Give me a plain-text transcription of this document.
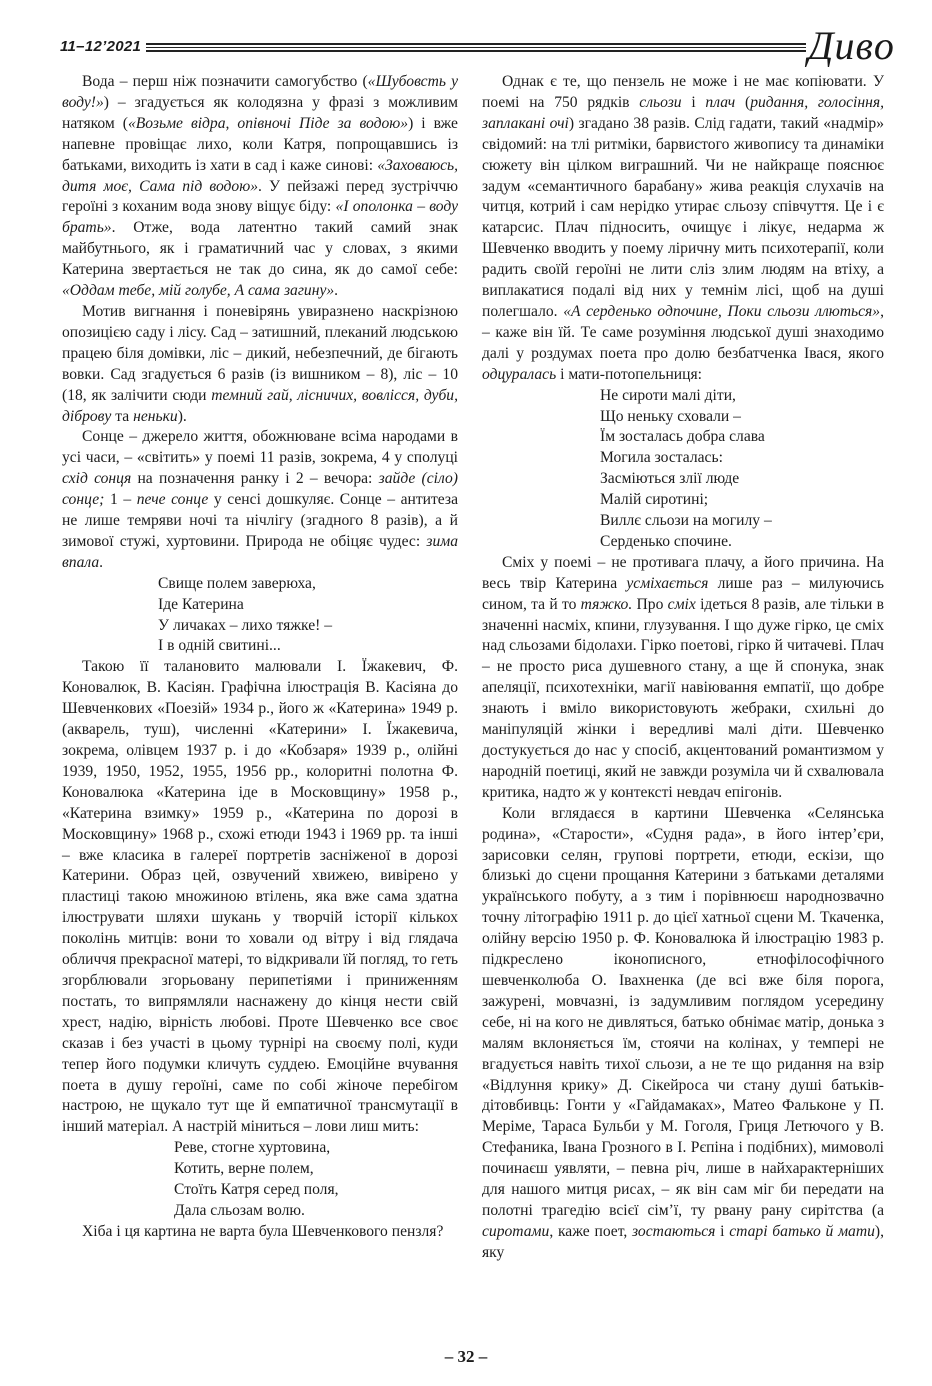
11–12’2021	Дивo

Вода – перш ніж позначити самогубство («Шубовсть у воду!») – згадується як колодязна у фразі з можливим натяком («Возьме відра, опівночі Піде за водою») і вже напевне провіщає лихо, коли Катря, попрощавшись із батьками, виходить із хати в сад і каже синові: «Заховаюсь, дитя моє, Сама під водою». У пейзажі перед зустріччю героїні з коханим вода знову віщує біду: «І ополонка – воду брать». Отже, вода латентно такий самий знак майбутнього, як і граматичний час у словах, з якими Катерина звертається не так до сина, як до самої себе: «Оддам тебе, мій голубе, А сама загину».

Мотив вигнання і поневірянь увиразнено наскрізною опозицією саду і лісу. Сад – затишний, плеканий людською працею біля домівки, ліс – дикий, небезпечний, де бігають вовки. Сад згадується 6 разів (із вишником – 8), ліс – 10 (18, як залічити сюди темний гай, лісничих, вовлісся, дуби, діброву та неньки).

Сонце – джерело життя, обожнюване всіма народами в усі часи, – «світить» у поемі 11 разів, зокрема, 4 у сполуці схід сонця на позначення ранку і 2 – вечора: зайде (сіло) сонце; 1 – пече сонце у сенсі дошкуляє. Сонце – антитеза не лише темряви ночі та нічлігу (згадного 8 разів), а й зимової стужі, хуртовини. Природа не обіцяє чудес: зима впала.

Свище полем заверюха,
Іде Катерина
У личаках – лихо тяжке! –
І в одній свитині...

Такою її талановито малювали І. Їжакевич, Ф. Коновалюк, В. Касіян. Графічна ілюстрація В. Касіяна до Шевченкових «Поезій» 1934 р., його ж «Катерина» 1949 р. (акварель, туш), численні «Катерини» І. Їжакевича, зокрема, олівцем 1937 р. і до «Кобзаря» 1939 р., олійні 1939, 1950, 1952, 1955, 1956 рр., колоритні полотна Ф. Коновалюка «Катерина іде в Московщину» 1958 р., «Катерина взимку» 1959 р., «Катерина по дорозі в Московщину» 1968 р., схожі етюди 1943 і 1969 рр. та інші – вже класика в галереї портретів засніженої в дорозі Катерини. Образ цей, озвучений хвижею, вивірено у пластиці такою множиною втілень, яка вже сама здатна ілюструвати шляхи шукань у творчій історії кількох поколінь митців: вони то ховали од вітру і від глядача обличчя прекрасної матері, то відкривали їй погляд, то геть згорблювали згорьованy перипетіями і приниженням постать, то випрямляли наснажену до кінця нести свій хрест, надію, вірність любові. Проте Шевченко все своє сказав і без участі в цьому турнірі на своєму полі, куди тепер його подумки кличуть суддею. Емоційне вчування поета в душу героїні, саме по собі жіноче перебігом настрою, не щукало тут ще й емпатичної трансмутації в інший матеріал. А настрій міниться – лови лиш мить:

Реве, стогне хуртовина,
Котить, верне полем,
Стоїть Катря серед поля,
Дала сльозам волю.

Хіба і ця картина не варта була Шевченкового пензля?

Однак є те, що пензель не може і не має копіювати. У поемі на 750 рядків сльози і плач (ридання, голосіння, заплакані очі) згадано 38 разів. Слід гадати, такий «надмір» свідомий: на тлі ритміки, барвистого живопису та динаміки сюжету він цілком виграшний. Чи не найкраще пояснює задум «семантичного барабану» жива реакція слухачів на читця, котрий і сам нерідко утирає сльозу співчуття. Це і є катарсис. Плач підносить, очищує і лікує, недарма ж Шевченко вводить у поему ліричну мить психотерапії, коли радить своїй героїні не лити сліз злим людям на втіху, а виплакатися подалі від них у темнім лісі, щоб на душі полегшало. «А серденько одпочине, Поки сльози ллються», – каже він їй. Те саме розуміння людської душі знаходимо далі у роздумах поета про долю безбатченка Івася, якого одцуралась і мати-потопельниця:

Не сироти малі діти,
Що неньку сховали –
Їм зосталась добра слава
Могила зосталась:
Засміються злії люде
Малій сиротині;
Виллє сльози на могилу –
Серденько спочине.

Сміх у поемі – не противага плачу, а його причина. На весь твір Катерина усміхається лише раз – милуючись сином, та й то тяжко. Про сміх ідеться 8 разів, але тільки в значенні насміх, кпини, глузування. І що дуже гірко, це сміх над сльозами бідолахи. Гірко поетові, гірко й читачеві. Плач – не просто риса душевного стану, а ще й спонука, знак апеляції, психотехніки, магії навіювання емпатії, що добре знають і вміло використовують жебраки, схильні до маніпуляцій жінки і вередливі малі діти. Шевченко достукується до нас у спосіб, акцентований романтизмом у народній поетиці, який не завжди розуміла чи й схвалювала критика, надто ж у контексті невдач епігонів.

Коли вглядаєся в картини Шевченка «Селянська родина», «Старости», «Судня рада», в його інтер’єри, зарисовки селян, групові портрети, етюди, ескізи, що близькі до сцени прощання Катерини з батьками деталями українського побуту, а з тим і порівнюєш народнозвачно точну літографію 1911 р. до цієї хатньої сцени М. Ткаченка, олійну версію 1950 р. Ф. Коновалюка й ілюстрацію 1983 р. підкреслено іконописного, етнофілософічного шевченколюба О. Івахненка (де всі вже біля порога, зажурені, мовчазні, із задумливим поглядом усередину себе, ні на кого не дивляться, батько обнімає матір, донька з малям вклоняється їм, стоячи на колінах, у темпері не вгадується навіть тихої сльози, а не те що ридання на взір «Відлуння крику» Д. Сікейроса чи стану душі батьків-дітовбивць: Гонти у «Гайдамаках», Матео Фальконе у П. Меріме, Тараса Бульби у М. Гоголя, Гриця Летючого у В. Стефаника, Івана Грозного в І. Рєпіна і подібних), мимоволі починаєш уявляти, – певна річ, лише в найхарактерніших для нашого митця рисах, – як він сам міг би передати на полотні трагедію всієї сім’ї, ту рвану рану сирітства (а сиротами, каже поет, зостаються і старі батько й мати), яку

– 32 –
